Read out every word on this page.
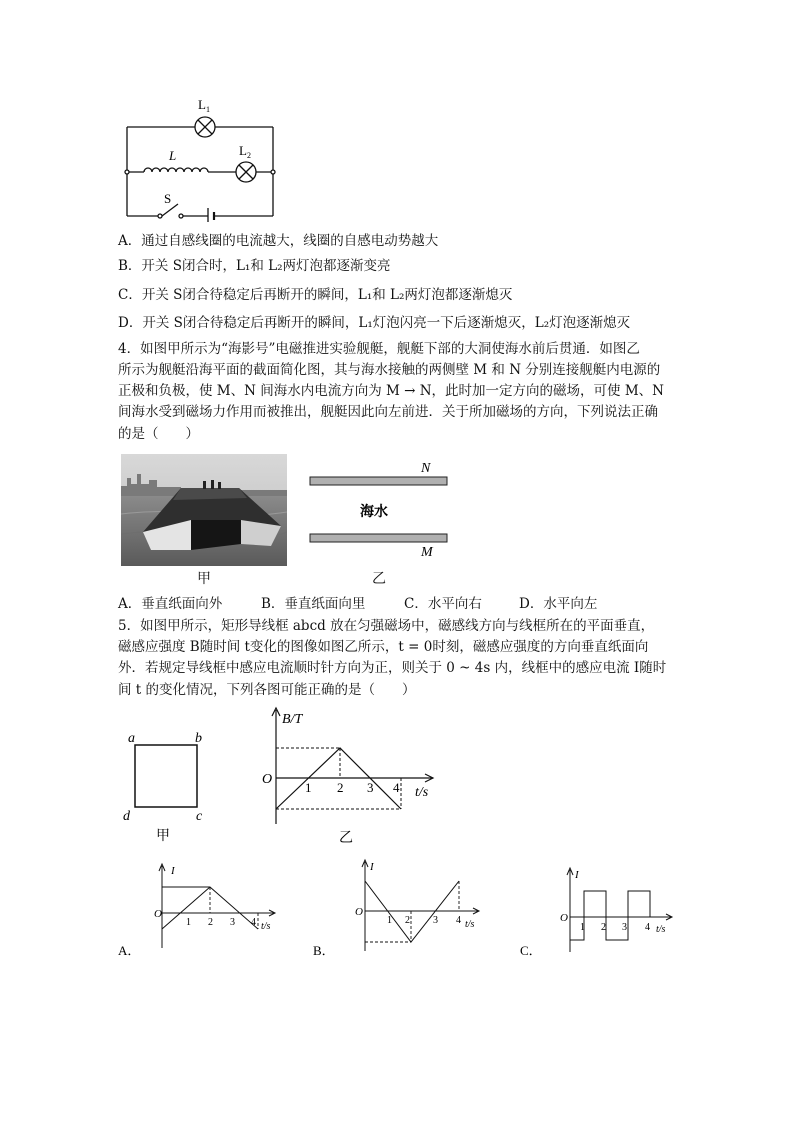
$L_1$
$L_2$
L
S
A．通过自感线圈的电流越大，线圈的自感电动势越大
B．开关 S闭合时，L₁和 L₂两灯泡都逐渐变亮
C．开关 S闭合待稳定后再断开的瞬间，L₁和 L₂两灯泡都逐渐熄灭
D．开关 S闭合待稳定后再断开的瞬间，L₁灯泡闪亮一下后逐渐熄灭，L₂灯泡逐渐熄灭
4．如图甲所示为“海影号”电磁推进实验舰艇，舰艇下部的大洞使海水前后贯通．如图乙
所示为舰艇沿海平面的截面简化图，其与海水接触的两侧壁 M 和 N 分别连接舰艇内电源的
正极和负极，使 M、N 间海水内电流方向为 M → N，此时加一定方向的磁场，可使 M、N
间海水受到磁场力作用而被推出，舰艇因此向左前进．关于所加磁场的方向，下列说法正确
的是（　　）
甲
N
M
海水
乙
A．垂直纸面向外	B．垂直纸面向里	C．水平向右	D．水平向左
5．如图甲所示，矩形导线框 abcd 放在匀强磁场中，磁感线方向与线框所在的平面垂直，
磁感应强度 B随时间 t变化的图像如图乙所示，t = 0时刻，磁感应强度的方向垂直纸面向
外．若规定导线框中感应电流顺时针方向为正，则关于 0 ~ 4s 内，线框中的感应电流 I随时
间 t 的变化情况，下列各图可能正确的是（　　）
a	b
c
d
甲
B/T
O
1 2 3 4 t/s
乙
A．
I
O
1 2 3 4 t/s
B．
I
O
1 2 3 4 t/s
C．
I
O
1 2 3 4 t/s
